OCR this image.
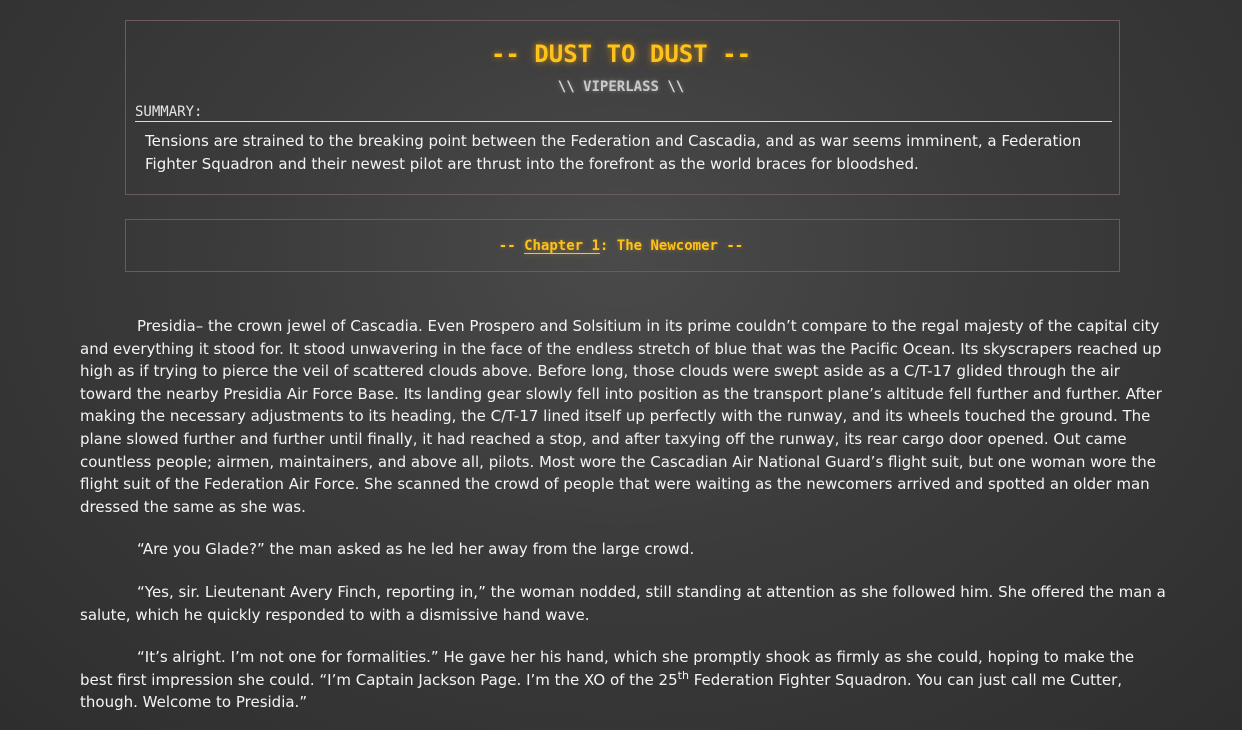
-- DUST TO DUST --
\\ VIPERLASS \\
SUMMARY:

Tensions are strained to the breaking point between the Federation and Cascadia, and as war seems imminent, a Federation Fighter Squadron and their newest pilot are thrust into the forefront as the world braces for bloodshed.

-- Chapter 1: The Newcomer --

Presidia– the crown jewel of Cascadia. Even Prospero and Solsitium in its prime couldn’t compare to the regal majesty of the capital city and everything it stood for. It stood unwavering in the face of the endless stretch of blue that was the Pacific Ocean. Its skyscrapers reached up high as if trying to pierce the veil of scattered clouds above. Before long, those clouds were swept aside as a C/T-17 glided through the air toward the nearby Presidia Air Force Base. Its landing gear slowly fell into position as the transport plane’s altitude fell further and further. After making the necessary adjustments to its heading, the C/T-17 lined itself up perfectly with the runway, and its wheels touched the ground. The plane slowed further and further until finally, it had reached a stop, and after taxying off the runway, its rear cargo door opened. Out came countless people; airmen, maintainers, and above all, pilots. Most wore the Cascadian Air National Guard’s flight suit, but one woman wore the flight suit of the Federation Air Force. She scanned the crowd of people that were waiting as the newcomers arrived and spotted an older man dressed the same as she was.

“Are you Glade?” the man asked as he led her away from the large crowd.

“Yes, sir. Lieutenant Avery Finch, reporting in,” the woman nodded, still standing at attention as she followed him. She offered the man a salute, which he quickly responded to with a dismissive hand wave.

“It’s alright. I’m not one for formalities.” He gave her his hand, which she promptly shook as firmly as she could, hoping to make the best first impression she could. “I’m Captain Jackson Page. I’m the XO of the 25th Federation Fighter Squadron. You can just call me Cutter, though. Welcome to Presidia.”
